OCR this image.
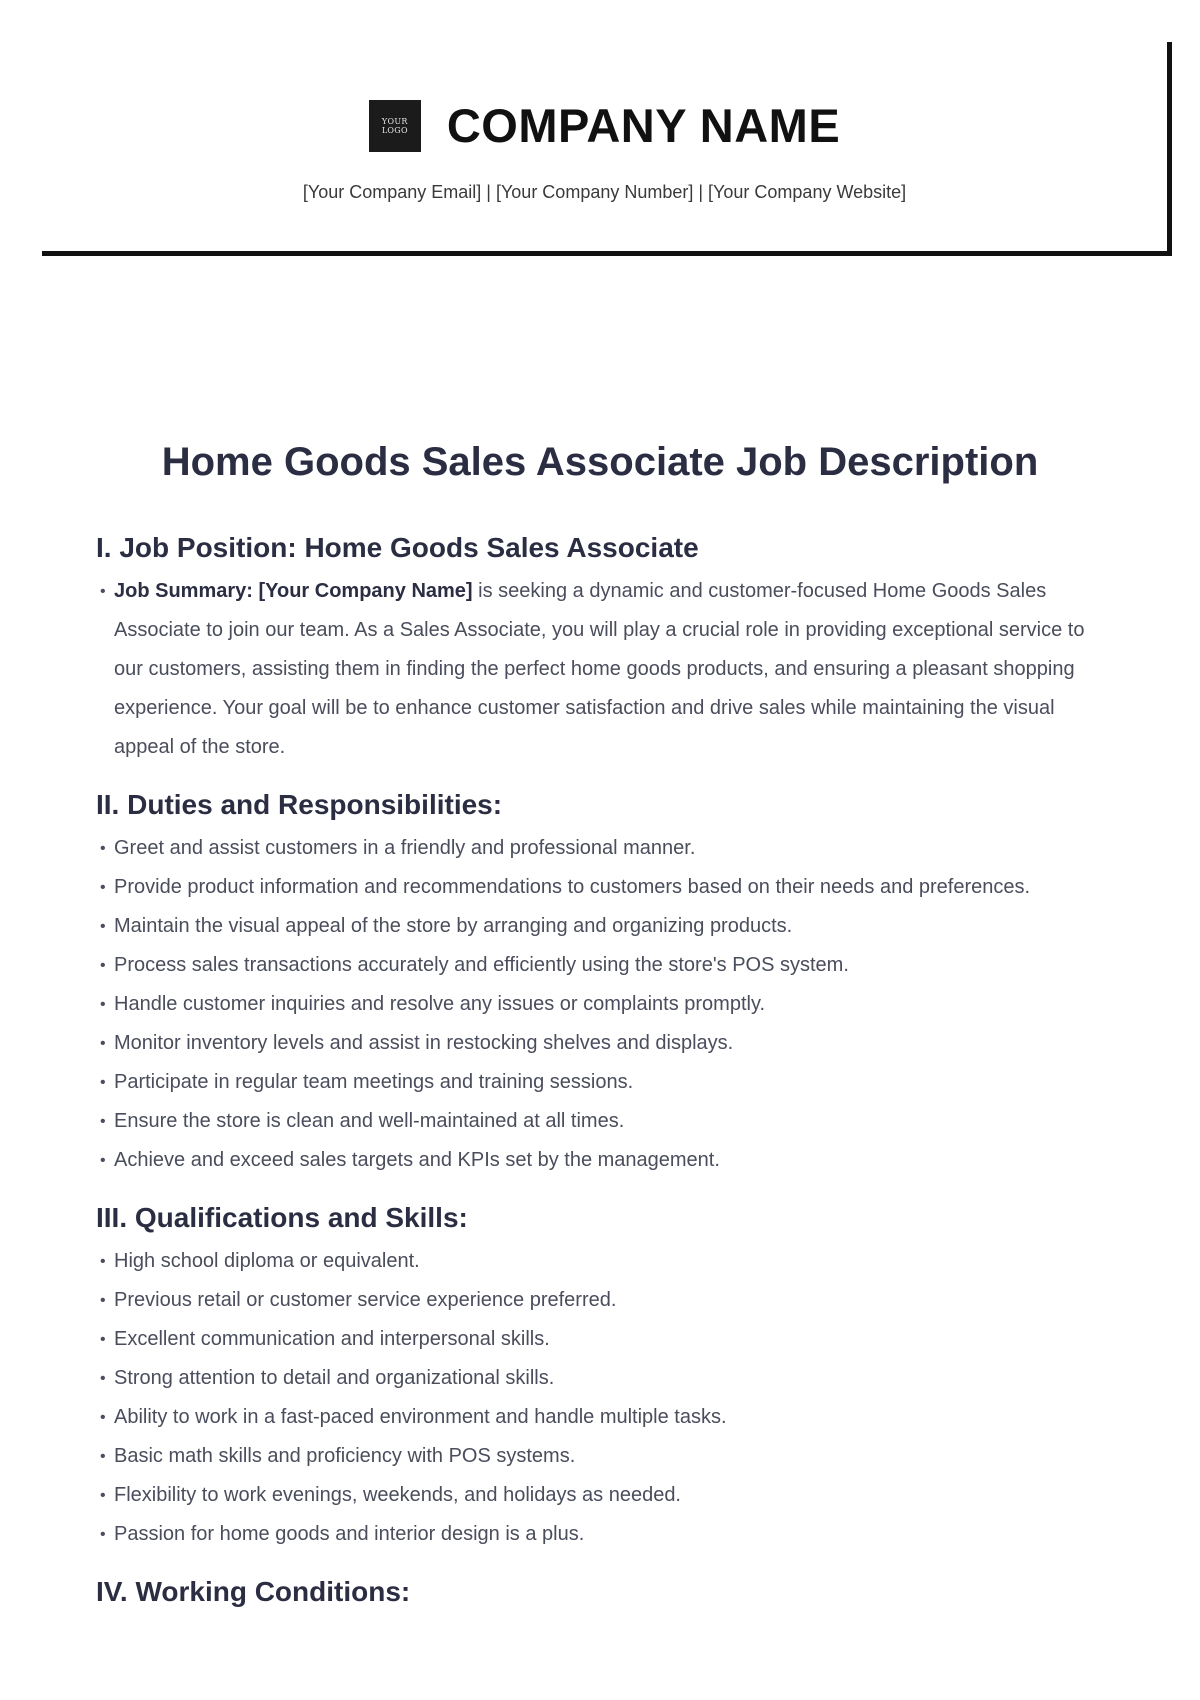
YOUR
LOGO COMPANY NAME
[Your Company Email] | [Your Company Number] | [Your Company Website]
Home Goods Sales Associate Job Description
I. Job Position: Home Goods Sales Associate
• Job Summary: [Your Company Name] is seeking a dynamic and customer-focused Home Goods Sales Associate to join our team. As a Sales Associate, you will play a crucial role in providing exceptional service to our customers, assisting them in finding the perfect home goods products, and ensuring a pleasant shopping experience. Your goal will be to enhance customer satisfaction and drive sales while maintaining the visual appeal of the store.
II. Duties and Responsibilities:
• Greet and assist customers in a friendly and professional manner.
• Provide product information and recommendations to customers based on their needs and preferences.
• Maintain the visual appeal of the store by arranging and organizing products.
• Process sales transactions accurately and efficiently using the store's POS system.
• Handle customer inquiries and resolve any issues or complaints promptly.
• Monitor inventory levels and assist in restocking shelves and displays.
• Participate in regular team meetings and training sessions.
• Ensure the store is clean and well-maintained at all times.
• Achieve and exceed sales targets and KPIs set by the management.
III. Qualifications and Skills:
• High school diploma or equivalent.
• Previous retail or customer service experience preferred.
• Excellent communication and interpersonal skills.
• Strong attention to detail and organizational skills.
• Ability to work in a fast-paced environment and handle multiple tasks.
• Basic math skills and proficiency with POS systems.
• Flexibility to work evenings, weekends, and holidays as needed.
• Passion for home goods and interior design is a plus.
IV. Working Conditions:
